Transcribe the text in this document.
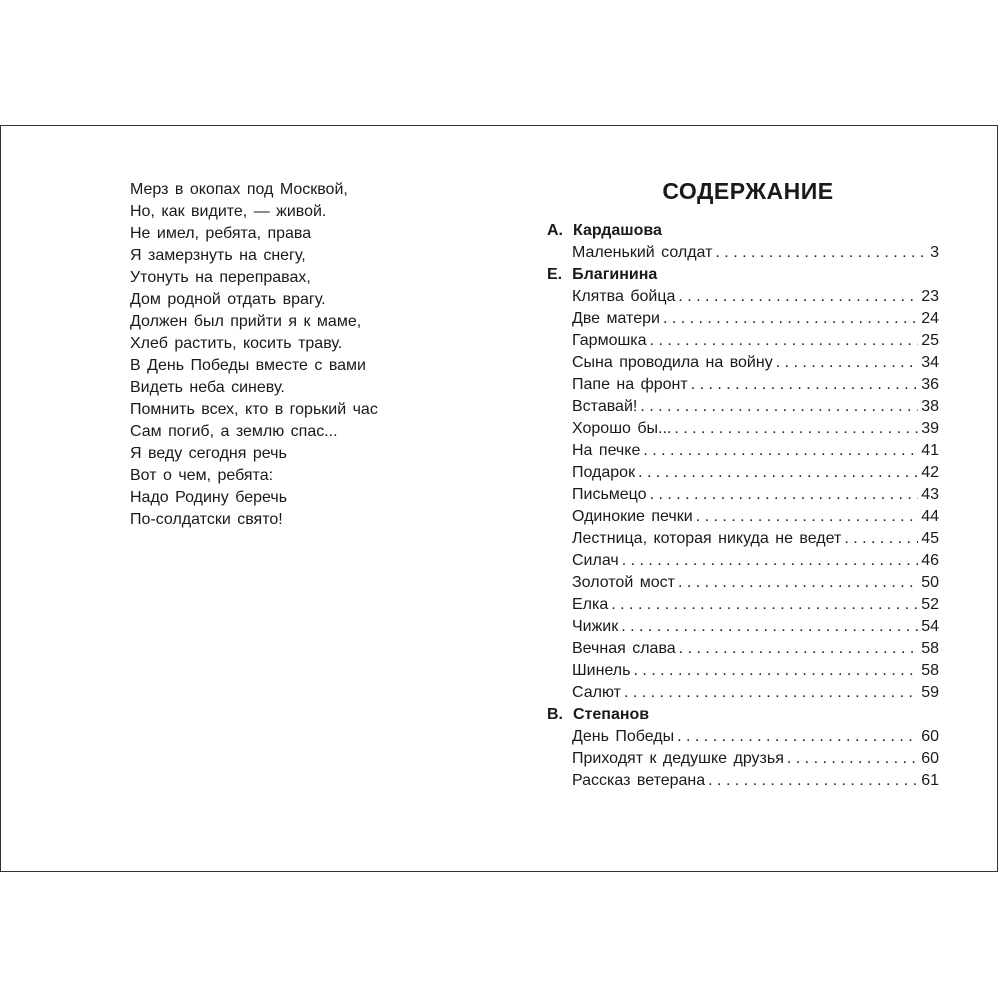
Мерз в окопах под Москвой,
Но, как видите, — живой.
Не имел, ребята, права
Я замерзнуть на снегу,
Утонуть на переправах,
Дом родной отдать врагу.
Должен был прийти я к маме,
Хлеб растить, косить траву.
В День Победы вместе с вами
Видеть неба синеву.
Помнить всех, кто в горький час
Сам погиб, а землю спас...
Я веду сегодня речь
Вот о чем, ребята:
Надо Родину беречь
По-солдатски свято!
СОДЕРЖАНИЕ
А. Кардашова
Маленький солдат . . .	3
Е. Благинина
Клятва бойца . . .	23
Две матери . . .	24
Гармошка . . .	25
Сына проводила на войну . . .	34
Папе на фронт . . .	36
Вставай! . . .	38
Хорошо бы... . . .	39
На печке . . .	41
Подарок . . .	42
Письмецо . . .	43
Одинокие печки . . .	44
Лестница, которая никуда не ведет . . .	45
Силач . . .	46
Золотой мост . . .	50
Елка . . .	52
Чижик . . .	54
Вечная слава . . .	58
Шинель . . .	58
Салют . . .	59
В. Степанов
День Победы . . .	60
Приходят к дедушке друзья . . .	60
Рассказ ветерана . . .	61
